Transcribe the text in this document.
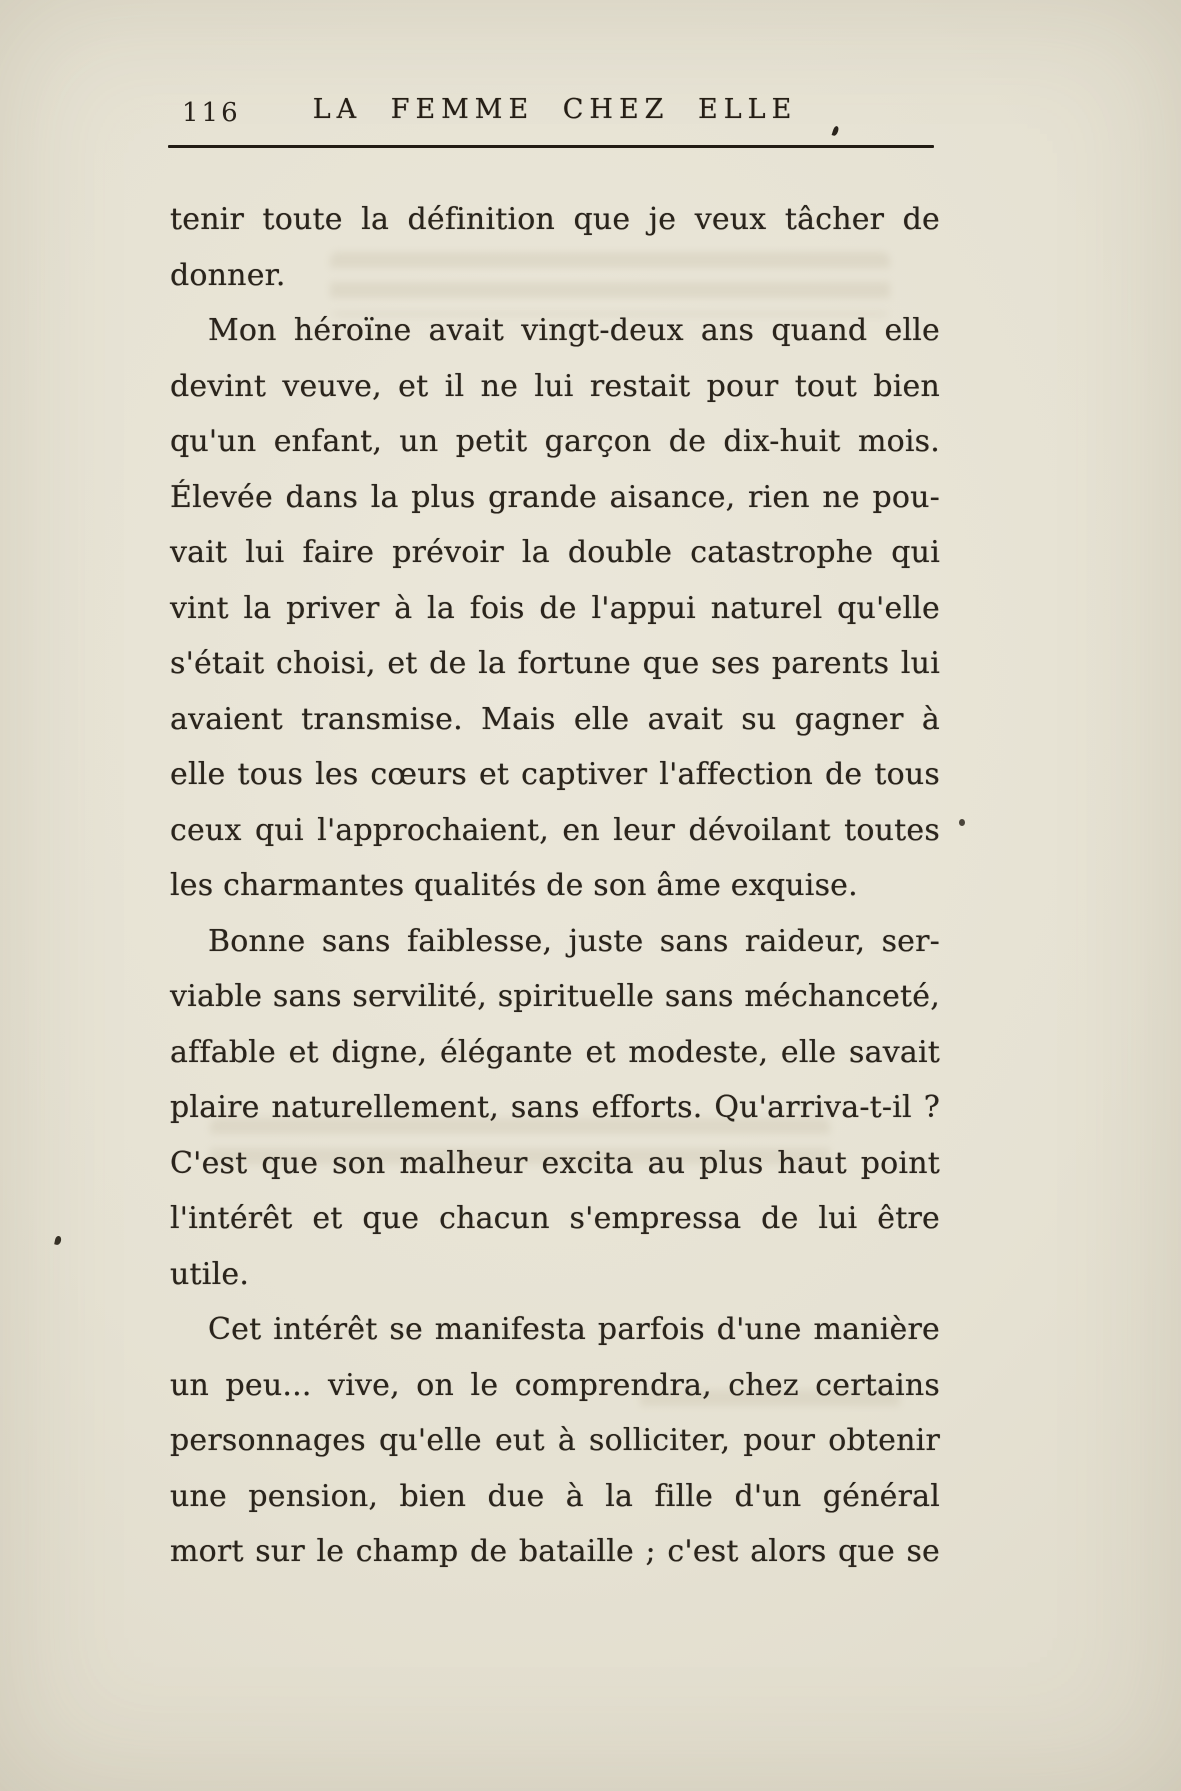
116	LA FEMME CHEZ ELLE
tenir toute la définition que je veux tâcher de
donner.
Mon héroïne avait vingt-deux ans quand elle
devint veuve, et il ne lui restait pour tout bien
qu'un enfant, un petit garçon de dix-huit mois.
Élevée dans la plus grande aisance, rien ne pou-
vait lui faire prévoir la double catastrophe qui
vint la priver à la fois de l'appui naturel qu'elle
s'était choisi, et de la fortune que ses parents lui
avaient transmise. Mais elle avait su gagner à
elle tous les cœurs et captiver l'affection de tous
ceux qui l'approchaient, en leur dévoilant toutes
les charmantes qualités de son âme exquise.
Bonne sans faiblesse, juste sans raideur, ser-
viable sans servilité, spirituelle sans méchanceté,
affable et digne, élégante et modeste, elle savait
plaire naturellement, sans efforts. Qu'arriva-t-il ?
C'est que son malheur excita au plus haut point
l'intérêt et que chacun s'empressa de lui être
utile.
Cet intérêt se manifesta parfois d'une manière
un peu... vive, on le comprendra, chez certains
personnages qu'elle eut à solliciter, pour obtenir
une pension, bien due à la fille d'un général
mort sur le champ de bataille ; c'est alors que se
